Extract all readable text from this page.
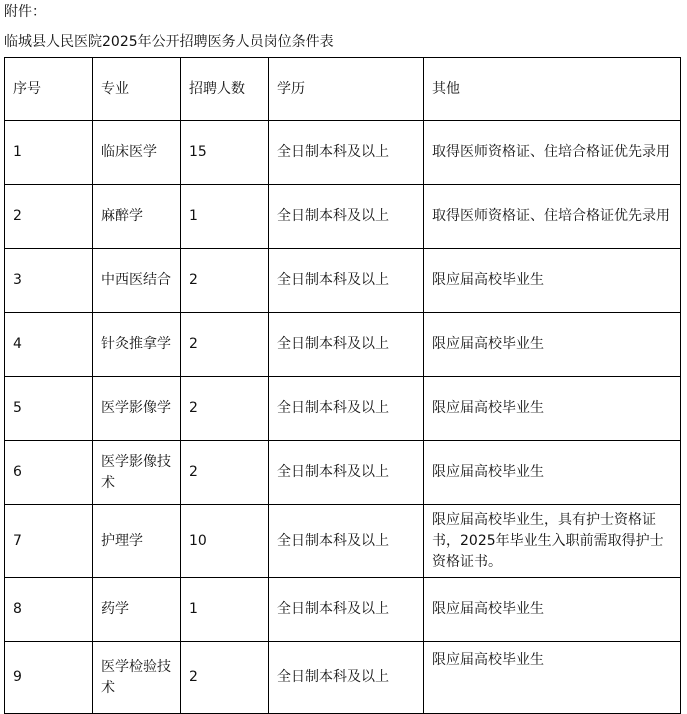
附件：
临城县人民医院2025年公开招聘医务人员岗位条件表
序号	专业	招聘人数	学历	其他
1	临床医学	15	全日制本科及以上	取得医师资格证、住培合格证优先录用
2	麻醉学	1	全日制本科及以上	取得医师资格证、住培合格证优先录用
3	中西医结合	2	全日制本科及以上	限应届高校毕业生
4	针灸推拿学	2	全日制本科及以上	限应届高校毕业生
5	医学影像学	2	全日制本科及以上	限应届高校毕业生
6	医学影像技术	2	全日制本科及以上	限应届高校毕业生
7	护理学	10	全日制本科及以上	限应届高校毕业生，具有护士资格证书，2025年毕业生入职前需取得护士资格证书。
8	药学	1	全日制本科及以上	限应届高校毕业生
9	医学检验技术	2	全日制本科及以上	限应届高校毕业生
